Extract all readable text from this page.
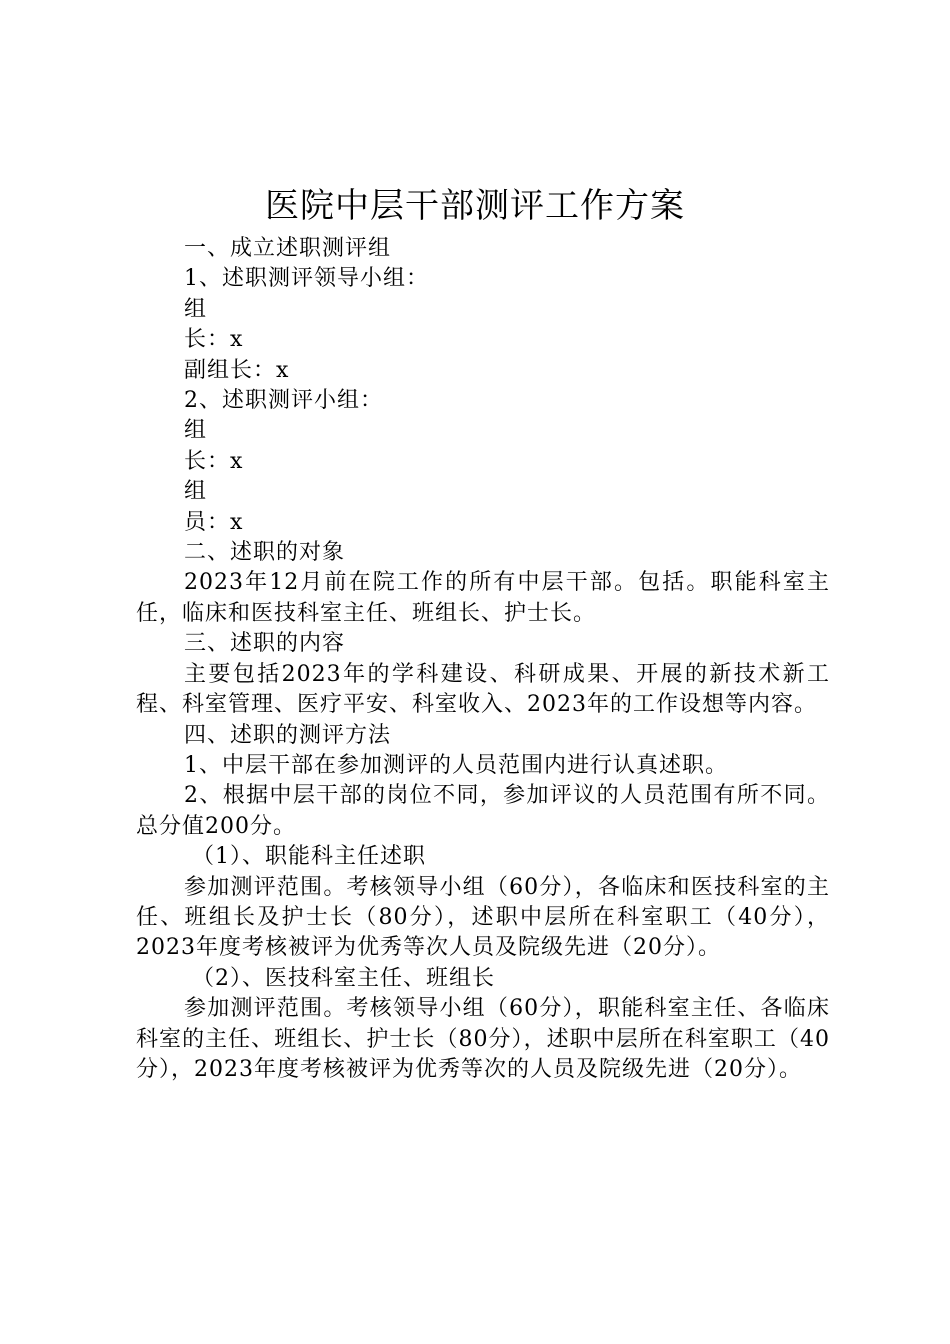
医院中层干部测评工作方案

一、成立述职测评组

1、述职测评领导小组：

组

长：x

副组长：x

2、述职测评小组：

组

长：x

组

员：x

二、述职的对象

2023年12月前在院工作的所有中层干部。包括。职能科室主任，临床和医技科室主任、班组长、护士长。

三、述职的内容

主要包括2023年的学科建设、科研成果、开展的新技术新工程、科室管理、医疗平安、科室收入、2023年的工作设想等内容。

四、述职的测评方法

1、中层干部在参加测评的人员范围内进行认真述职。

2、根据中层干部的岗位不同，参加评议的人员范围有所不同。总分值200分。

（1）、职能科主任述职

参加测评范围。考核领导小组（60分），各临床和医技科室的主任、班组长及护士长（80分），述职中层所在科室职工（40分），2023年度考核被评为优秀等次人员及院级先进（20分）。

（2）、医技科室主任、班组长

参加测评范围。考核领导小组（60分），职能科室主任、各临床科室的主任、班组长、护士长（80分），述职中层所在科室职工（40分），2023年度考核被评为优秀等次的人员及院级先进（20分）。
